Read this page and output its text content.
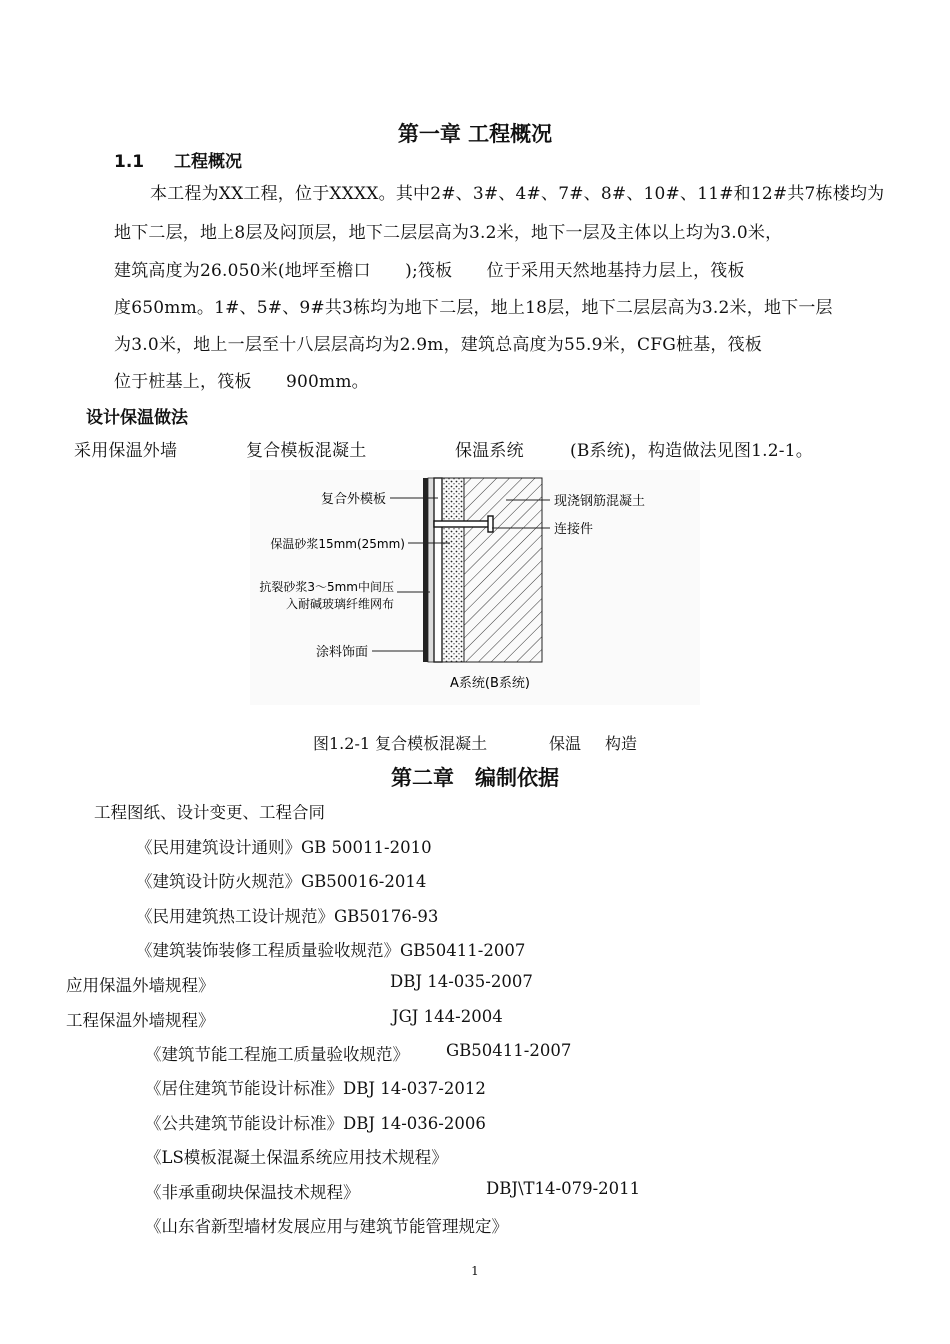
第一章 工程概况
1.1 工程概况
本工程为XX工程，位于XXXX。其中2#、3#、4#、7#、8#、10#、11#和12#共7栋楼均为
地下二层，地上8层及闷顶层，地下二层层高为3.2米，地下一层及主体以上均为3.0米，
建筑高度为26.050米(地坪至檐口　　);筏板　　位于采用天然地基持力层上，筏板
度650mm。1#、5#、9#共3栋均为地下二层，地上18层，地下二层层高为3.2米，地下一层
为3.0米，地上一层至十八层层高均为2.9m，建筑总高度为55.9米，CFG桩基，筏板
位于桩基上，筏板　　900mm。
设计保温做法
采用保温外墙	复合模板混凝土	保温系统	(B系统)，构造做法见图1.2-1。
复合外模板
保温砂浆15mm(25mm)
抗裂砂浆3～5mm中间压
入耐碱玻璃纤维网布
涂料饰面
现浇钢筋混凝土
连接件
A系统(B系统)
图1.2-1 复合模板混凝土	保温 构造
第二章　编制依据
工程图纸、设计变更、工程合同
《民用建筑设计通则》GB 50011-2010
《建筑设计防火规范》GB50016-2014
《民用建筑热工设计规范》GB50176-93
《建筑装饰装修工程质量验收规范》GB50411-2007
应用保温外墙规程》	DBJ 14-035-2007
工程保温外墙规程》	JGJ 144-2004
《建筑节能工程施工质量验收规范》 GB50411-2007
《居住建筑节能设计标准》DBJ 14-037-2012
《公共建筑节能设计标准》DBJ 14-036-2006
《LS模板混凝土保温系统应用技术规程》
《非承重砌块保温技术规程》	DBJ\T14-079-2011
《山东省新型墙材发展应用与建筑节能管理规定》
1
